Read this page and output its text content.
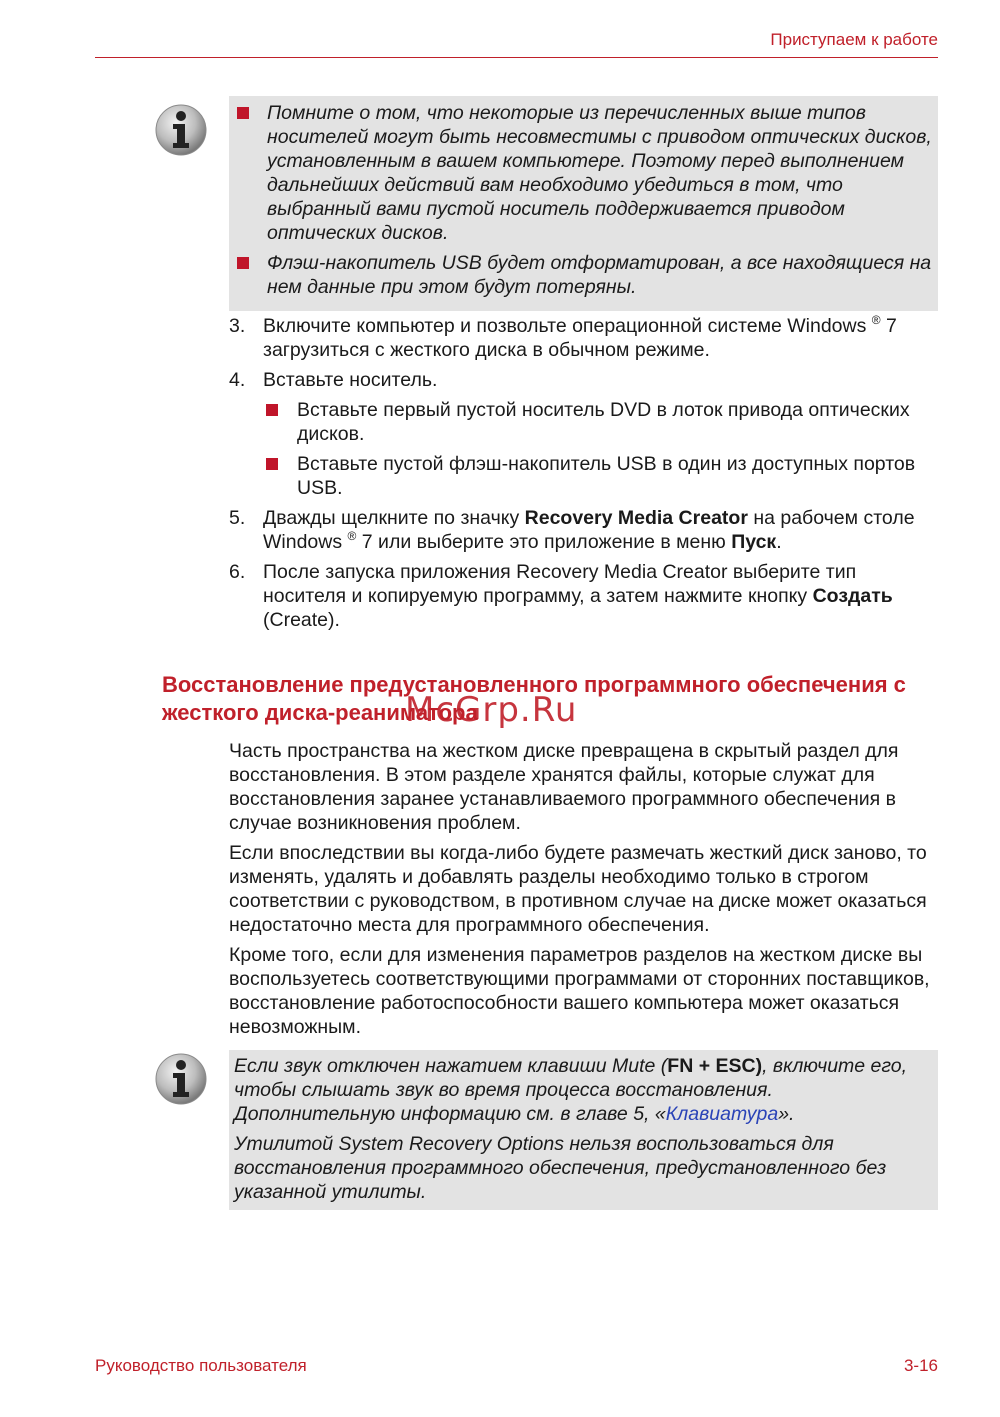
Приступаем к работе
Помните о том, что некоторые из перечисленных выше типов носителей могут быть несовместимы с приводом оптических дисков, установленным в вашем компьютере. Поэтому перед выполнением дальнейших действий вам необходимо убедиться в том, что выбранный вами пустой носитель поддерживается приводом оптических дисков.
Флэш-накопитель USB будет отформатирован, а все находящиеся на нем данные при этом будут потеряны.
3. Включите компьютер и позвольте операционной системе Windows ® 7 загрузиться с жесткого диска в обычном режиме.
4. Вставьте носитель.
Вставьте первый пустой носитель DVD в лоток привода оптических дисков.
Вставьте пустой флэш-накопитель USB в один из доступных портов USB.
5. Дважды щелкните по значку Recovery Media Creator на рабочем столе Windows ® 7 или выберите это приложение в меню Пуск.
6. После запуска приложения Recovery Media Creator выберите тип носителя и копируемую программу, а затем нажмите кнопку Создать (Create).
Восстановление предустановленного программного обеспечения с жесткого диска-реаниматора
McGrp.Ru

Часть пространства на жестком диске превращена в скрытый раздел для восстановления. В этом разделе хранятся файлы, которые служат для восстановления заранее устанавливаемого программного обеспечения в случае возникновения проблем.

Если впоследствии вы когда-либо будете размечать жесткий диск заново, то изменять, удалять и добавлять разделы необходимо только в строгом соответствии с руководством, в противном случае на диске может оказаться недостаточно места для программного обеспечения.

Кроме того, если для изменения параметров разделов на жестком диске вы воспользуетесь соответствующими программами от сторонних поставщиков, восстановление работоспособности вашего компьютера может оказаться невозможным.

Если звук отключен нажатием клавиши Mute (FN + ESC), включите его, чтобы слышать звук во время процесса восстановления. Дополнительную информацию см. в главе 5, «Клавиатура».

Утилитой System Recovery Options нельзя воспользоваться для восстановления программного обеспечения, предустановленного без указанной утилиты.

Руководство пользователя	3-16
